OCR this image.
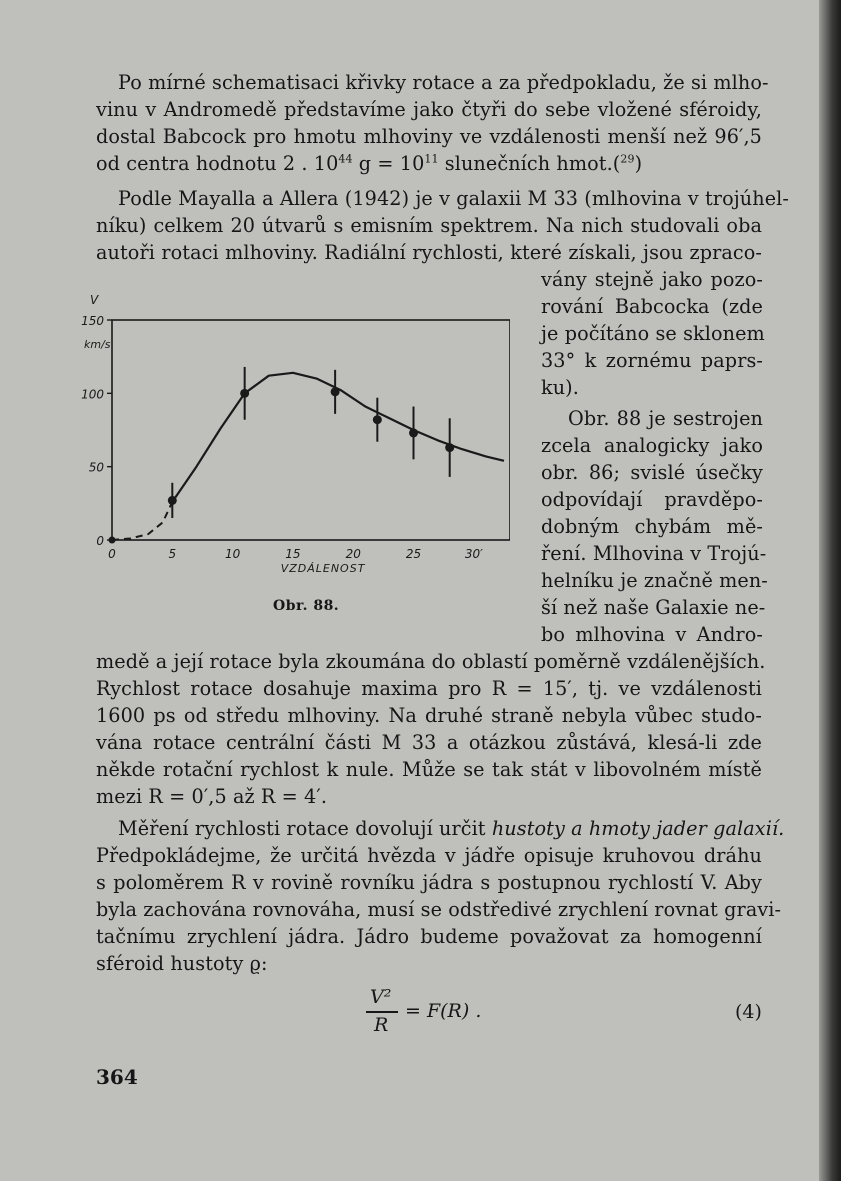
Po mírné schematisaci křivky rotace a za předpokladu, že si mlho-
vinu v Andromedě představíme jako čtyři do sebe vložené sféroidy,
dostal Babcock pro hmotu mlhoviny ve vzdálenosti menší než 96′,5
od centra hodnotu 2 . $10^{44}$ $g = 10^{11}$ slunečních hmot.($^{29}$)
Podle Mayalla a Allera (1942) je v galaxii M 33 (mlhovina v trojúhel-
níku) celkem 20 útvarů s emisním spektrem. Na nich studovali oba
autoři rotaci mlhoviny. Radiální rychlosti, které získali, jsou zpraco-
vány stejně jako pozo-
rování Babcocka (zde
je počítáno se sklonem
33° k zornému paprs-
ku).
Obr. 88 je sestrojen
zcela analogicky jako
obr. 86; svislé úsečky
odpovídají pravděpo-
dobným chybám mě-
ření. Mlhovina v Trojú-
helníku je značně men-
ší než naše Galaxie ne-
bo mlhovina v Andro-
medě a její rotace byla zkoumána do oblastí poměrně vzdálenějších.
Rychlost rotace dosahuje maxima pro R = 15′, tj. ve vzdálenosti
1600 ps od středu mlhoviny. Na druhé straně nebyla vůbec studo-
vána rotace centrální části M 33 a otázkou zůstává, klesá-li zde
někde rotační rychlost k nule. Může se tak stát v libovolném místě
mezi R = 0′,5 až R = 4′.
Měření rychlosti rotace dovolují určit hustoty a hmoty jader galaxií.
Předpokládejme, že určitá hvězda v jádře opisuje kruhovou dráhu
s poloměrem R v rovině rovníku jádra s postupnou rychlostí V. Aby
byla zachována rovnováha, musí se odstředivé zrychlení rovnat gravi-
tačnímu zrychlení jádra. Jádro budeme považovat za homogenní
sféroid hustoty ϱ:
V²
R
= F(R) .	(4)
0
50
100
150
0	5	10	15	20	25	30′
V
km/s
VZDÁLENOST
Obr. 88.
364
